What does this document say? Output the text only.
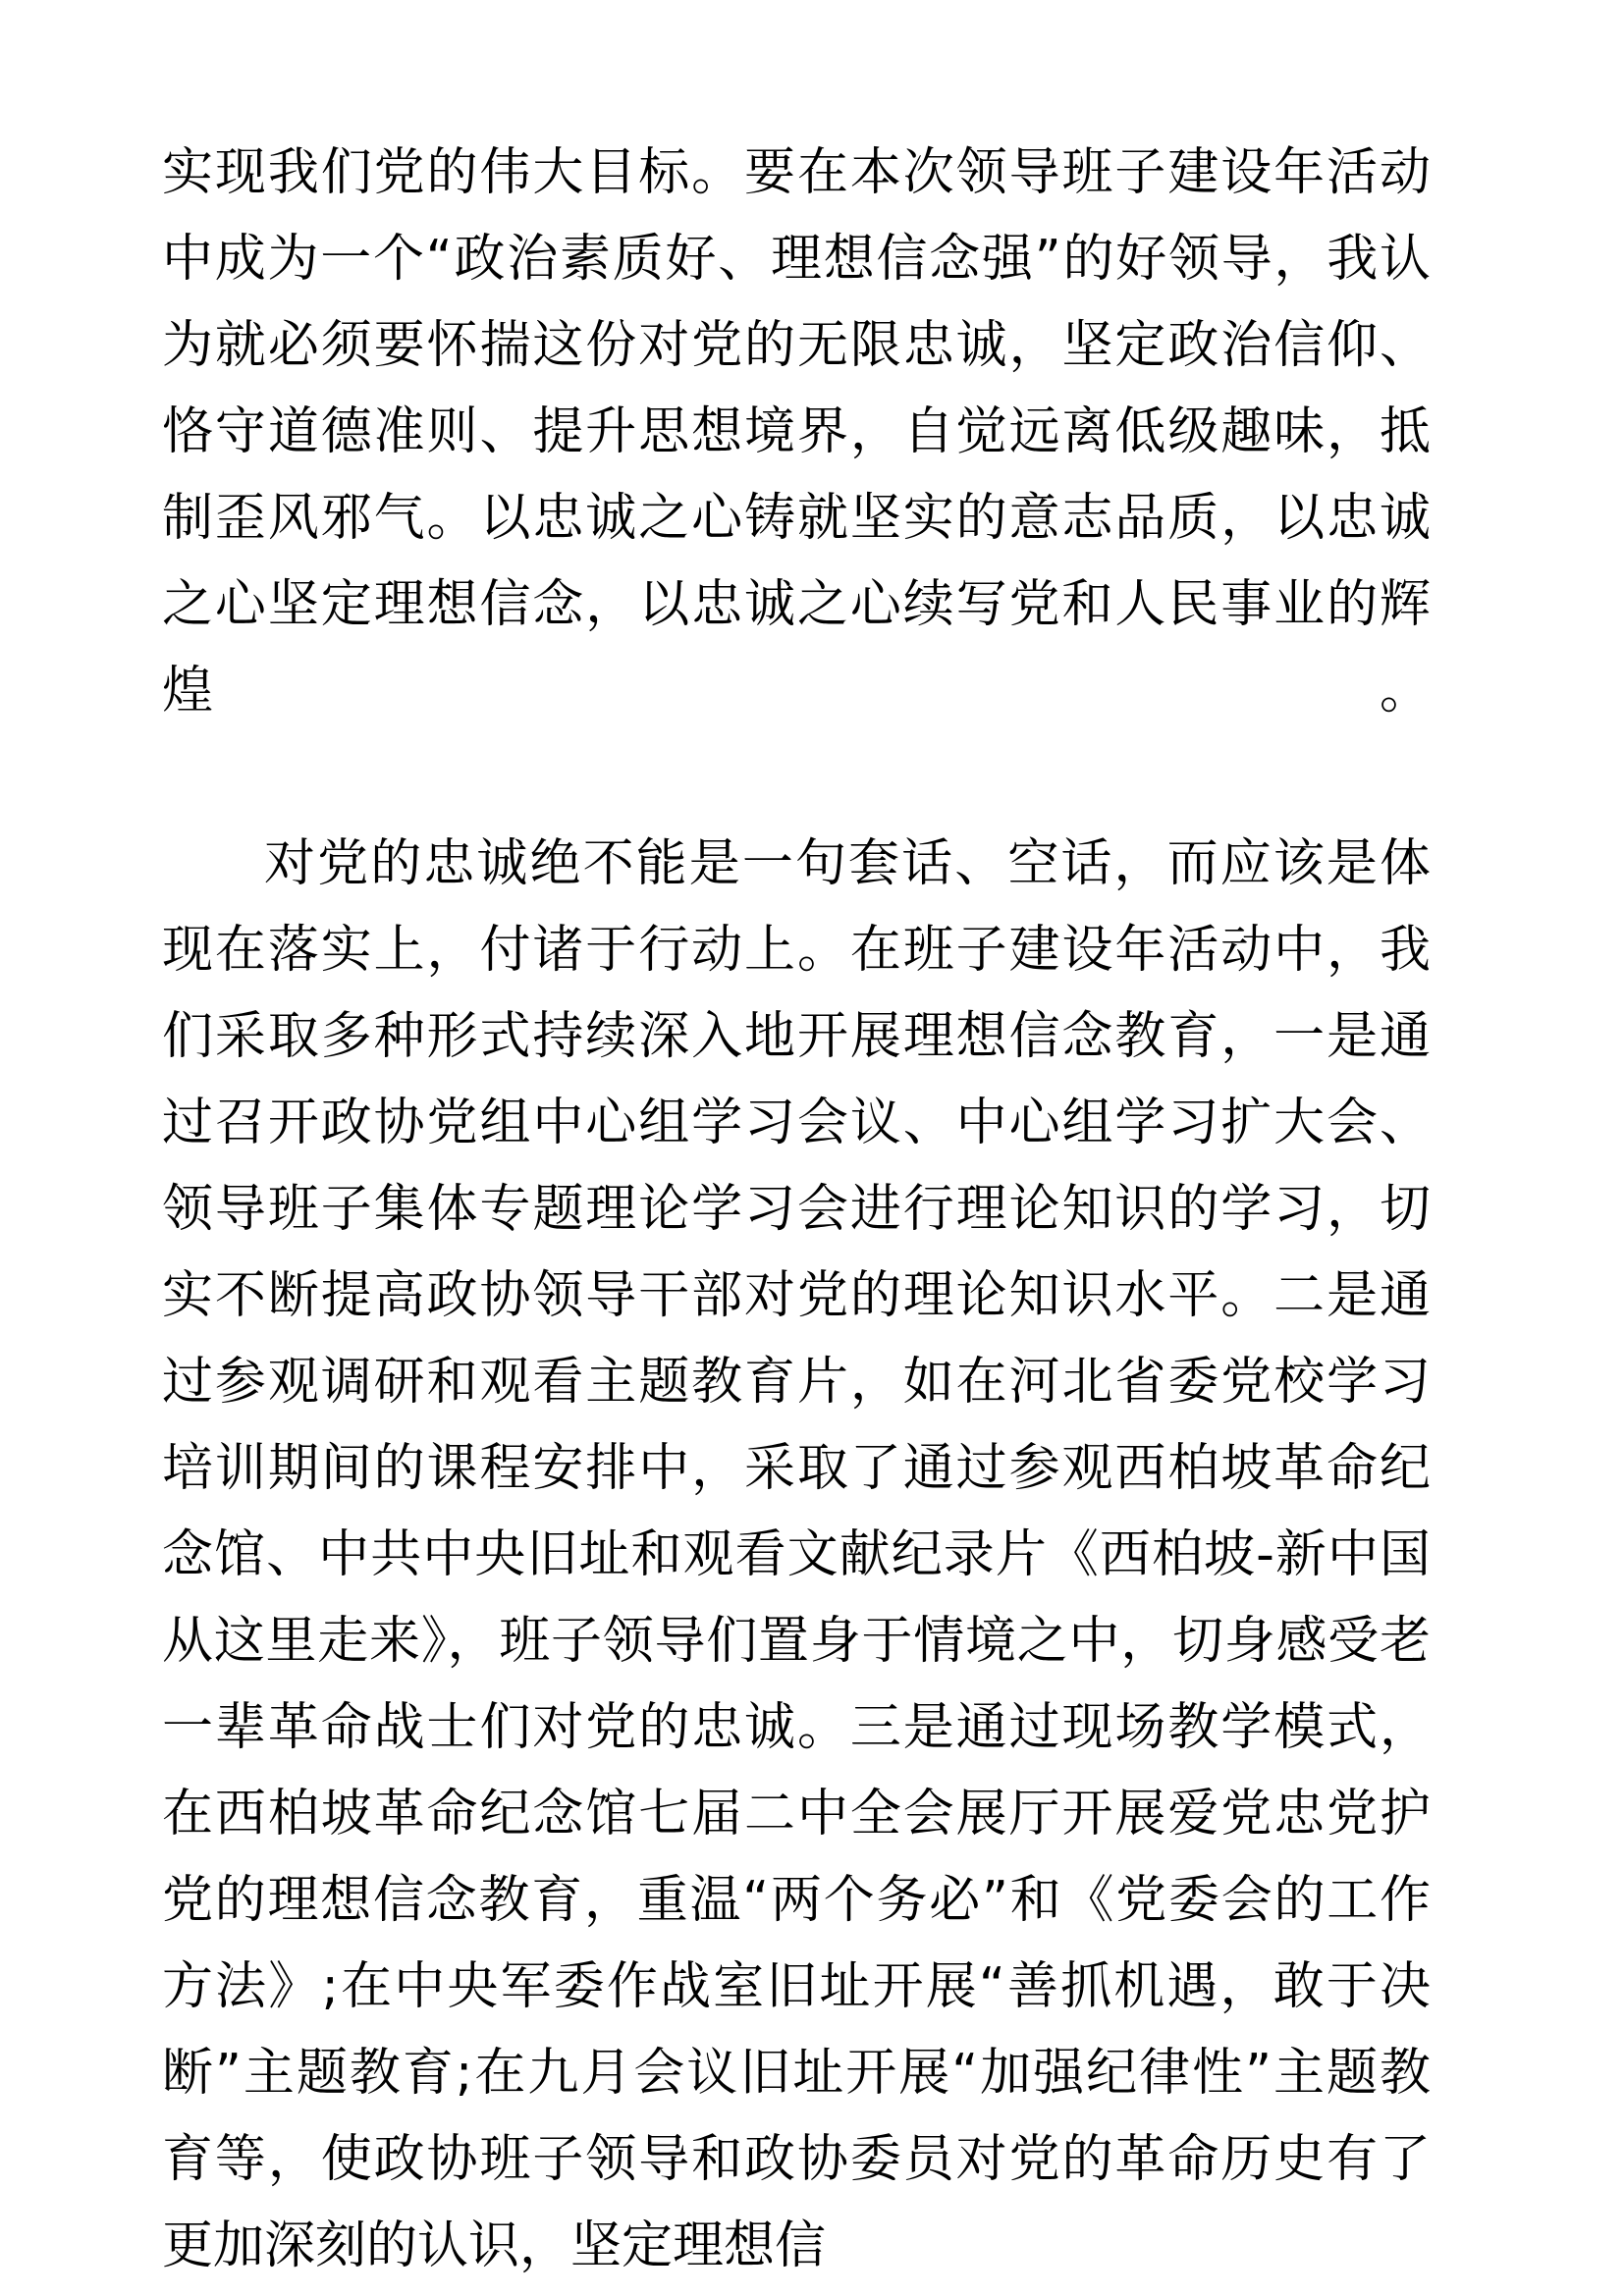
实现我们党的伟大目标。要在本次领导班子建设年活动中成为一个“政治素质好、理想信念强”的好领导，我认为就必须要怀揣这份对党的无限忠诚，坚定政治信仰、恪守道德准则、提升思想境界，自觉远离低级趣味，抵制歪风邪气。以忠诚之心铸就坚实的意志品质，以忠诚之心坚定理想信念，以忠诚之心续写党和人民事业的辉煌。

对党的忠诚绝不能是一句套话、空话，而应该是体现在落实上，付诸于行动上。在班子建设年活动中，我们采取多种形式持续深入地开展理想信念教育，一是通过召开政协党组中心组学习会议、中心组学习扩大会、领导班子集体专题理论学习会进行理论知识的学习，切实不断提高政协领导干部对党的理论知识水平。二是通过参观调研和观看主题教育片，如在河北省委党校学习培训期间的课程安排中，采取了通过参观西柏坡革命纪念馆、中共中央旧址和观看文献纪录片《西柏坡-新中国从这里走来》，班子领导们置身于情境之中，切身感受老一辈革命战士们对党的忠诚。三是通过现场教学模式，在西柏坡革命纪念馆七届二中全会展厅开展爱党忠党护党的理想信念教育，重温“两个务必”和《党委会的工作方法》;在中央军委作战室旧址开展“善抓机遇，敢于决断”主题教育;在九月会议旧址开展“加强纪律性”主题教育等，使政协班子领导和政协委员对党的革命历史有了更加深刻的认识，坚定理想信
